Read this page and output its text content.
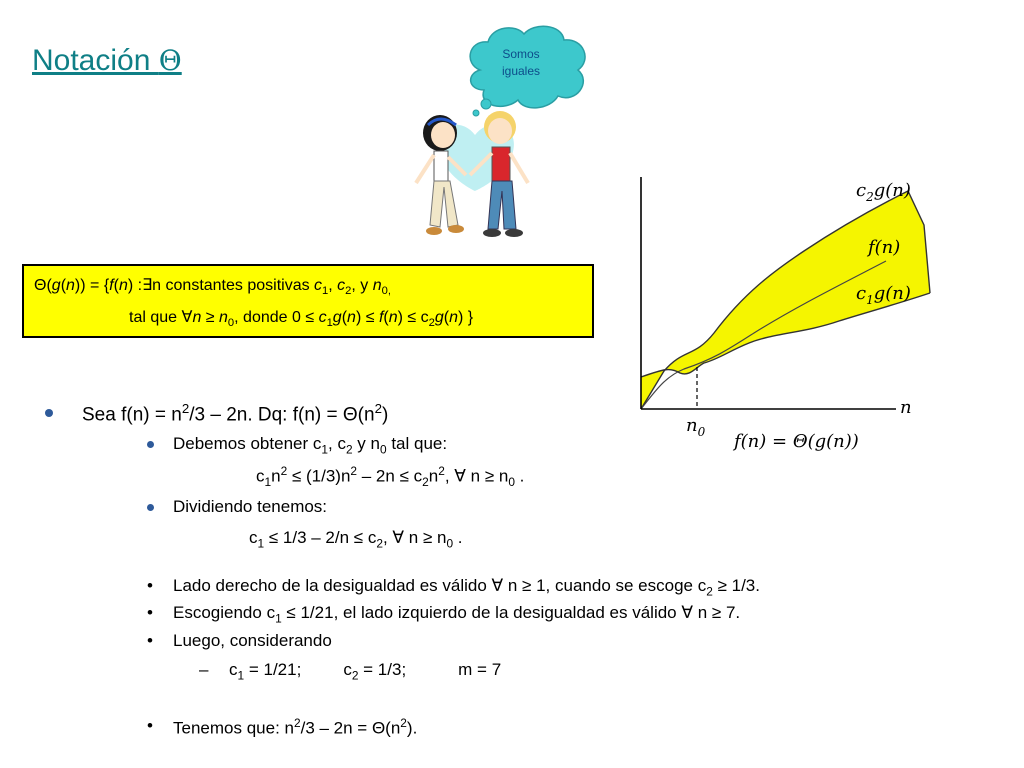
Notación Θ	Somos
iguales
Θ(g(n)) = {f(n) :∃n constantes positivas $c_1$, $c_2$, y $n_{0,}$
tal que ∀n ≥ $n_0$, donde $0 \le c_1g(n) \le f(n) \le c_2g(n)$ }
$c_2g(n)$
f(n)
$c_1g(n)$
n
$n_0$ f(n) = Θ(g(n))
Sea $f(n) = n^2/3 - 2n$. Dq: $f(n) = \Theta(n^2)$
Debemos obtener $c_1$, $c_2$ y $n_0$ tal que:
$c_1n^2 \le (1/3)n^2 - 2n \le c_2n^2$, ∀ $n \ge n_0$ .
Dividiendo tenemos:
$c_1 \le 1/3 - 2/n \le c_2$, ∀ $n \ge n_0$ .
• Lado derecho de la desigualdad es válido ∀ n ≥ 1, cuando se escoge $c_2 \ge 1/3$.
• Escogiendo $c_1 \le 1/21$, el lado izquierdo de la desigualdad es válido ∀ n ≥ 7.
• Luego, considerando
– $c_1 = 1/21$; $c_2 = 1/3$;	m = 7
• Tenemos que: $n^2/3 - 2n = \Theta(n^2)$.
